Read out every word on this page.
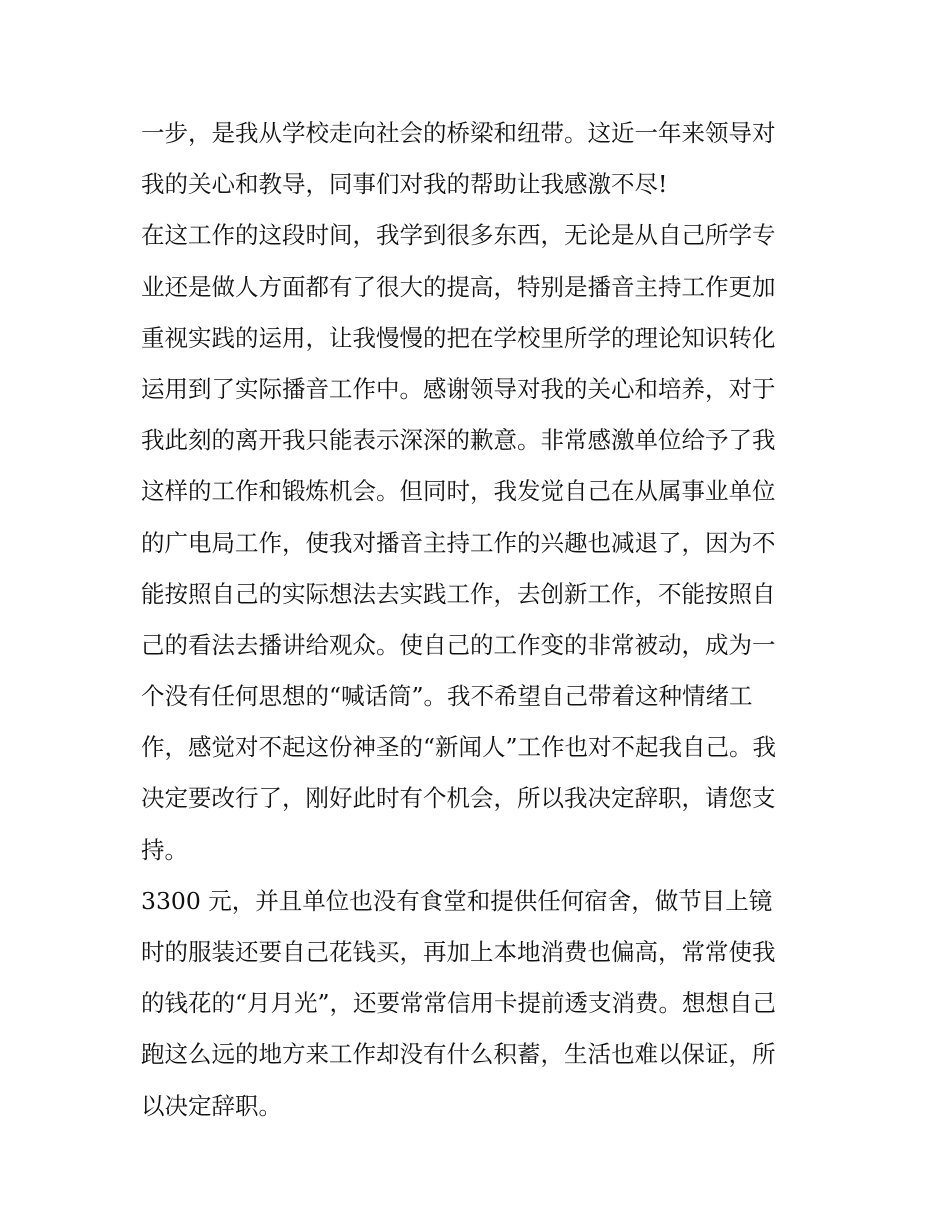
一步，是我从学校走向社会的桥梁和纽带。这近一年来领导对
我的关心和教导，同事们对我的帮助让我感激不尽!
在这工作的这段时间，我学到很多东西，无论是从自己所学专
业还是做人方面都有了很大的提高，特别是播音主持工作更加
重视实践的运用，让我慢慢的把在学校里所学的理论知识转化
运用到了实际播音工作中。感谢领导对我的关心和培养，对于
我此刻的离开我只能表示深深的歉意。非常感激单位给予了我
这样的工作和锻炼机会。但同时，我发觉自己在从属事业单位
的广电局工作，使我对播音主持工作的兴趣也减退了，因为不
能按照自己的实际想法去实践工作，去创新工作，不能按照自
己的看法去播讲给观众。使自己的工作变的非常被动，成为一
个没有任何思想的“喊话筒”。我不希望自己带着这种情绪工
作，感觉对不起这份神圣的“新闻人”工作也对不起我自己。我
决定要改行了，刚好此时有个机会，所以我决定辞职，请您支
持。
3300 元，并且单位也没有食堂和提供任何宿舍，做节目上镜
时的服装还要自己花钱买，再加上本地消费也偏高，常常使我
的钱花的“月月光”，还要常常信用卡提前透支消费。想想自己
跑这么远的地方来工作却没有什么积蓄，生活也难以保证，所
以决定辞职。
